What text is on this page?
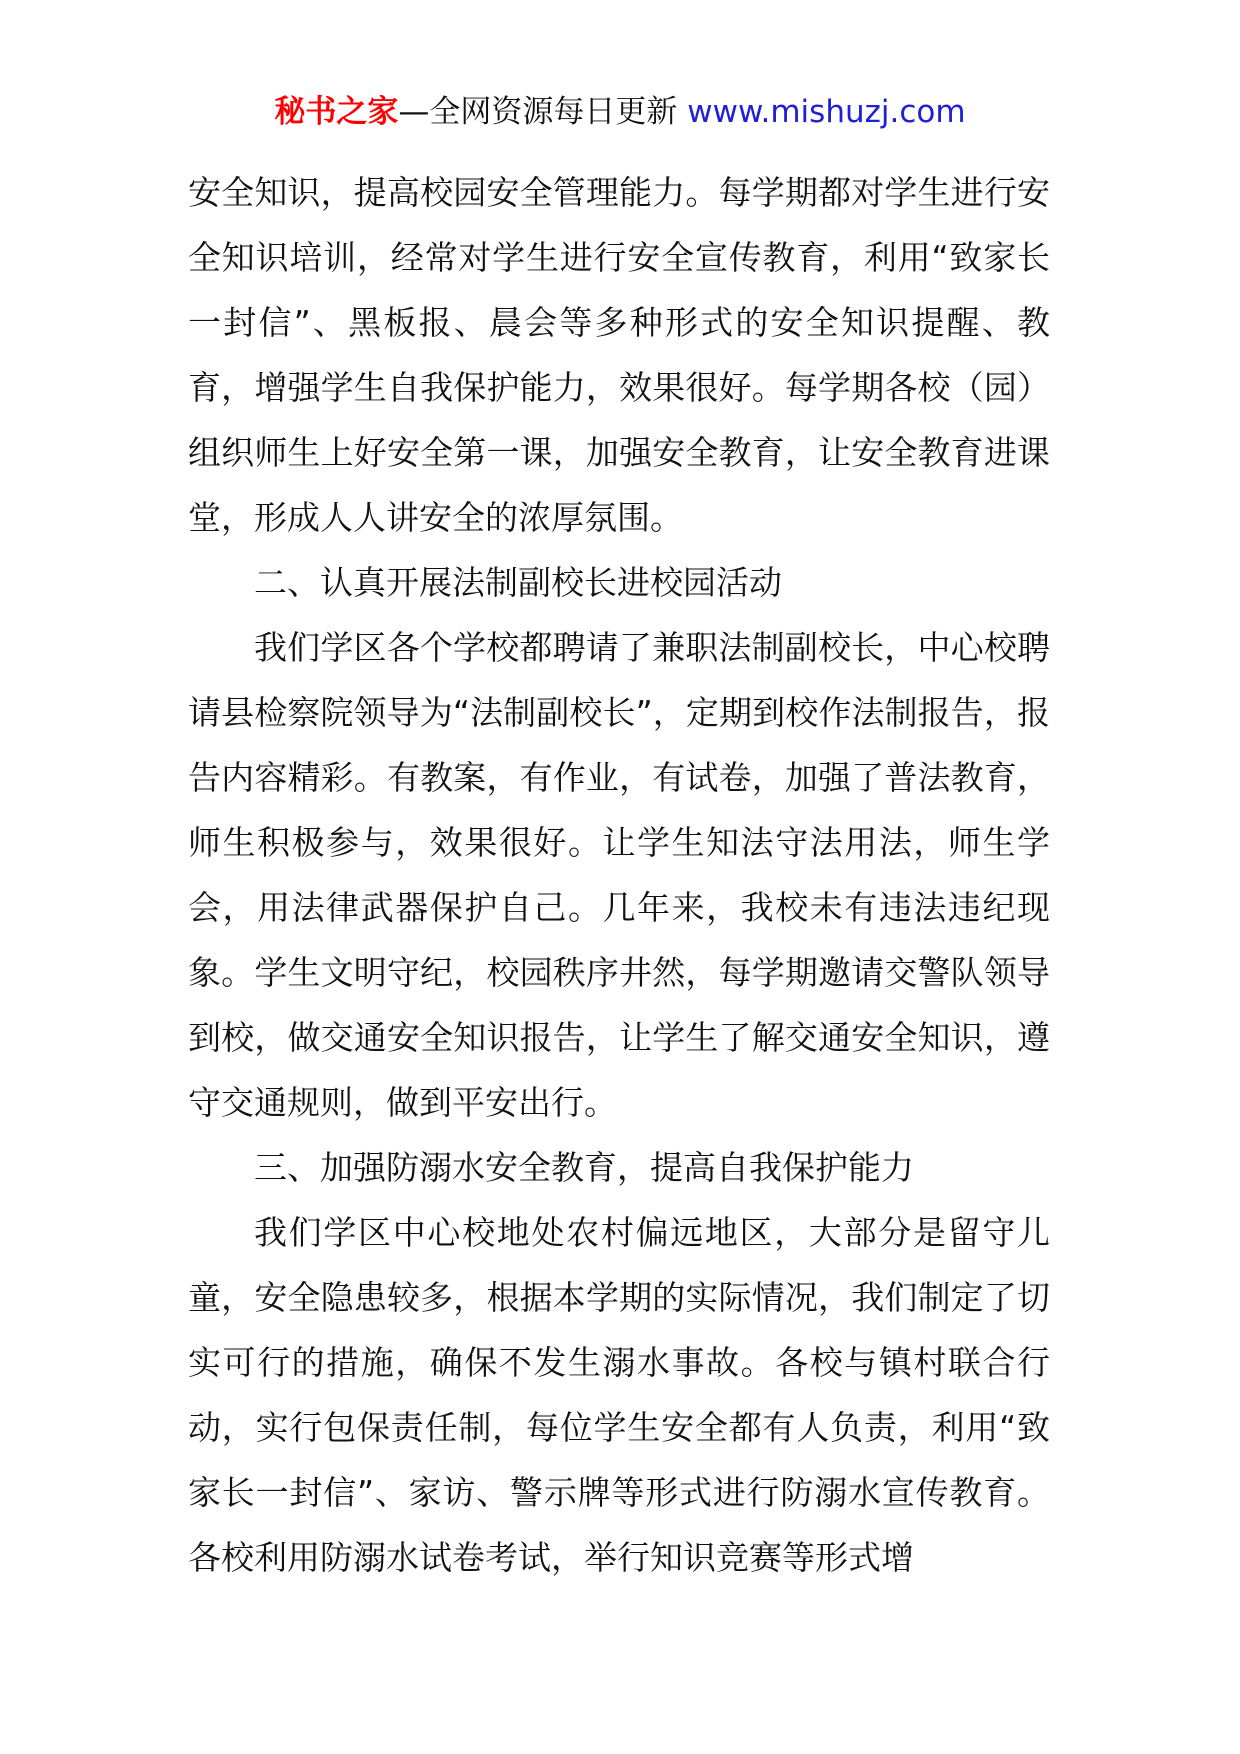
秘书之家—全网资源每日更新 www.mishuzj.com

安全知识，提高校园安全管理能力。每学期都对学生进行安全知识培训，经常对学生进行安全宣传教育，利用“致家长一封信”、黑板报、晨会等多种形式的安全知识提醒、教育，增强学生自我保护能力，效果很好。每学期各校（园）组织师生上好安全第一课，加强安全教育，让安全教育进课堂，形成人人讲安全的浓厚氛围。

二、认真开展法制副校长进校园活动

我们学区各个学校都聘请了兼职法制副校长，中心校聘请县检察院领导为“法制副校长”，定期到校作法制报告，报告内容精彩。有教案，有作业，有试卷，加强了普法教育，师生积极参与，效果很好。让学生知法守法用法，师生学会，用法律武器保护自己。几年来，我校未有违法违纪现象。学生文明守纪，校园秩序井然，每学期邀请交警队领导到校，做交通安全知识报告，让学生了解交通安全知识，遵守交通规则，做到平安出行。

三、加强防溺水安全教育，提高自我保护能力

我们学区中心校地处农村偏远地区，大部分是留守儿童，安全隐患较多，根据本学期的实际情况，我们制定了切实可行的措施，确保不发生溺水事故。各校与镇村联合行动，实行包保责任制，每位学生安全都有人负责，利用“致家长一封信”、家访、警示牌等形式进行防溺水宣传教育。各校利用防溺水试卷考试，举行知识竞赛等形式增
